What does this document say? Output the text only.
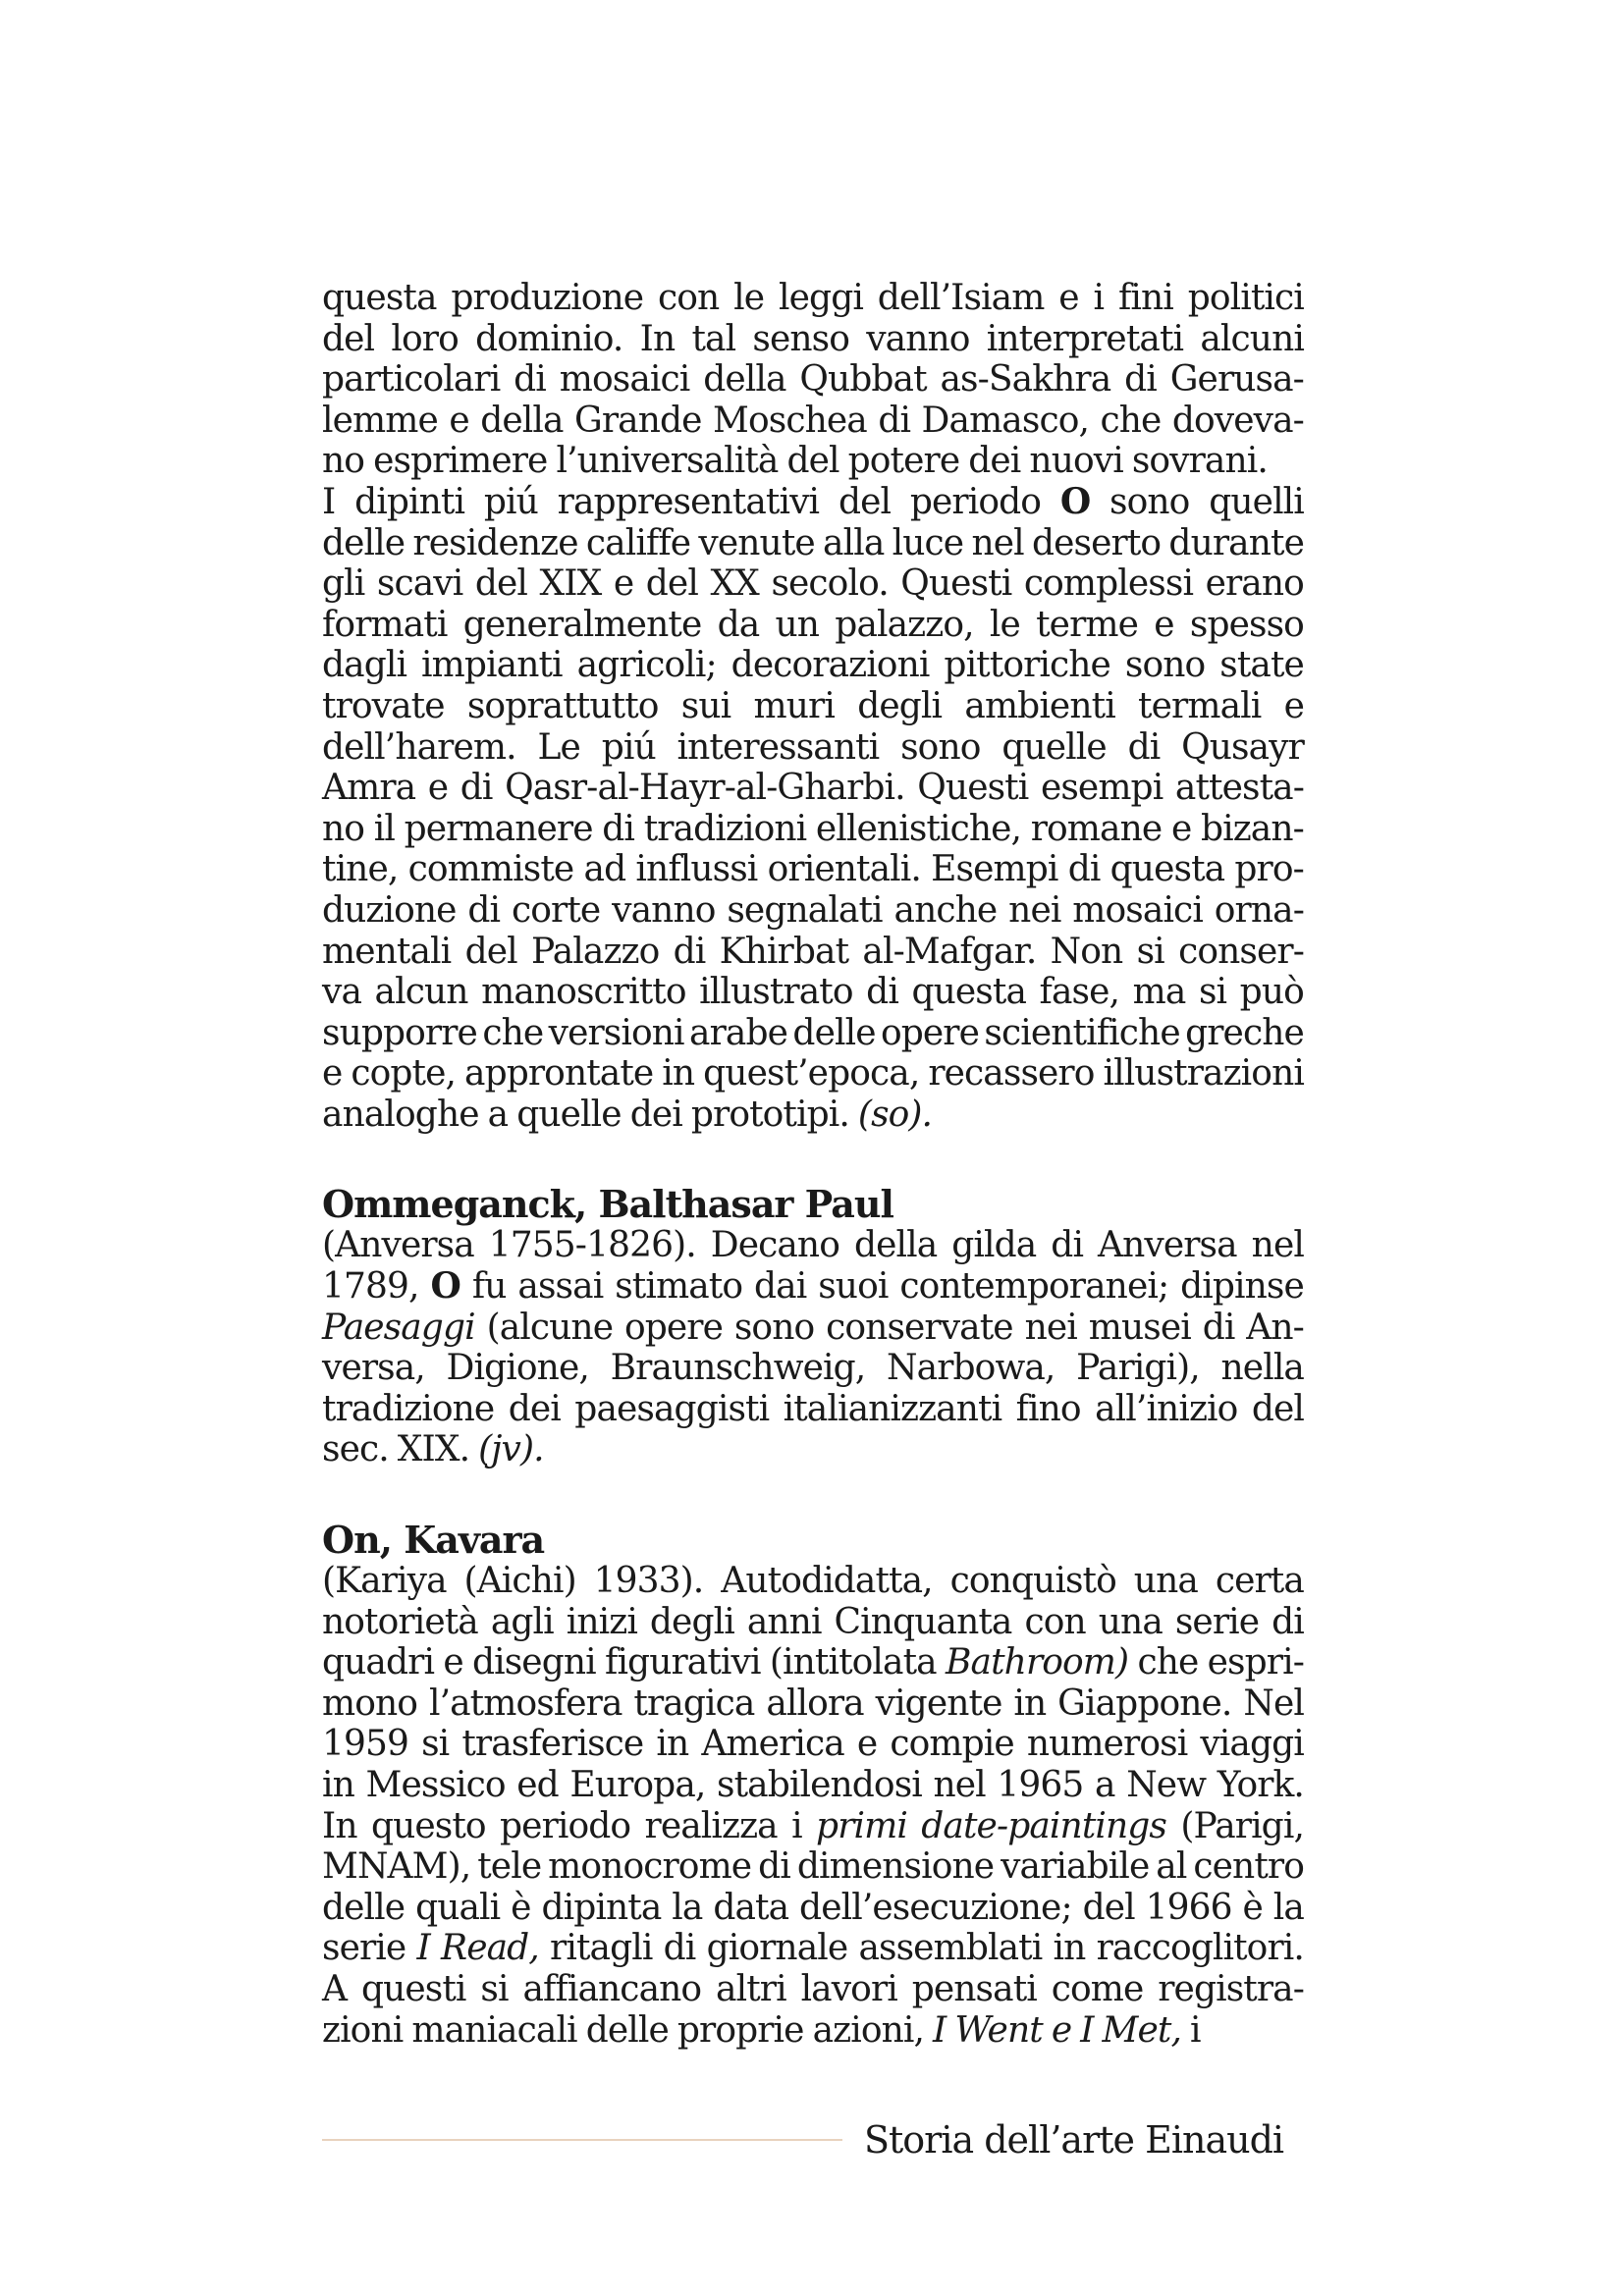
questa produzione con le leggi dell’Isiam e i fini politici
del loro dominio. In tal senso vanno interpretati alcuni
particolari di mosaici della Qubbat as-Sakhra di Gerusa-
lemme e della Grande Moschea di Damasco, che doveva-
no esprimere l’universalità del potere dei nuovi sovrani.
I dipinti piú rappresentativi del periodo O sono quelli
delle residenze califfe venute alla luce nel deserto durante
gli scavi del XIX e del XX secolo. Questi complessi erano
formati generalmente da un palazzo, le terme e spesso
dagli impianti agricoli; decorazioni pittoriche sono state
trovate soprattutto sui muri degli ambienti termali e
dell’harem. Le piú interessanti sono quelle di Qusayr
Amra e di Qasr-al-Hayr-al-Gharbi. Questi esempi attesta-
no il permanere di tradizioni ellenistiche, romane e bizan-
tine, commiste ad influssi orientali. Esempi di questa pro-
duzione di corte vanno segnalati anche nei mosaici orna-
mentali del Palazzo di Khirbat al-Mafgar. Non si conser-
va alcun manoscritto illustrato di questa fase, ma si può
supporre che versioni arabe delle opere scientifiche greche
e copte, approntate in quest’epoca, recassero illustrazioni
analoghe a quelle dei prototipi. (so).
Ommeganck, Balthasar Paul
(Anversa 1755-1826). Decano della gilda di Anversa nel
1789, O fu assai stimato dai suoi contemporanei; dipinse
Paesaggi (alcune opere sono conservate nei musei di An-
versa, Digione, Braunschweig, Narbowa, Parigi), nella
tradizione dei paesaggisti italianizzanti fino all’inizio del
sec. XIX. (jv).
On, Kavara
(Kariya (Aichi) 1933). Autodidatta, conquistò una certa
notorietà agli inizi degli anni Cinquanta con una serie di
quadri e disegni figurativi (intitolata Bathroom) che espri-
mono l’atmosfera tragica allora vigente in Giappone. Nel
1959 si trasferisce in America e compie numerosi viaggi
in Messico ed Europa, stabilendosi nel 1965 a New York.
In questo periodo realizza i primi date-paintings (Parigi,
MNAM), tele monocrome di dimensione variabile al centro
delle quali è dipinta la data dell’esecuzione; del 1966 è la
serie I Read, ritagli di giornale assemblati in raccoglitori.
A questi si affiancano altri lavori pensati come registra-
zioni maniacali delle proprie azioni, I Went e I Met, i
Storia dell’arte Einaudi
